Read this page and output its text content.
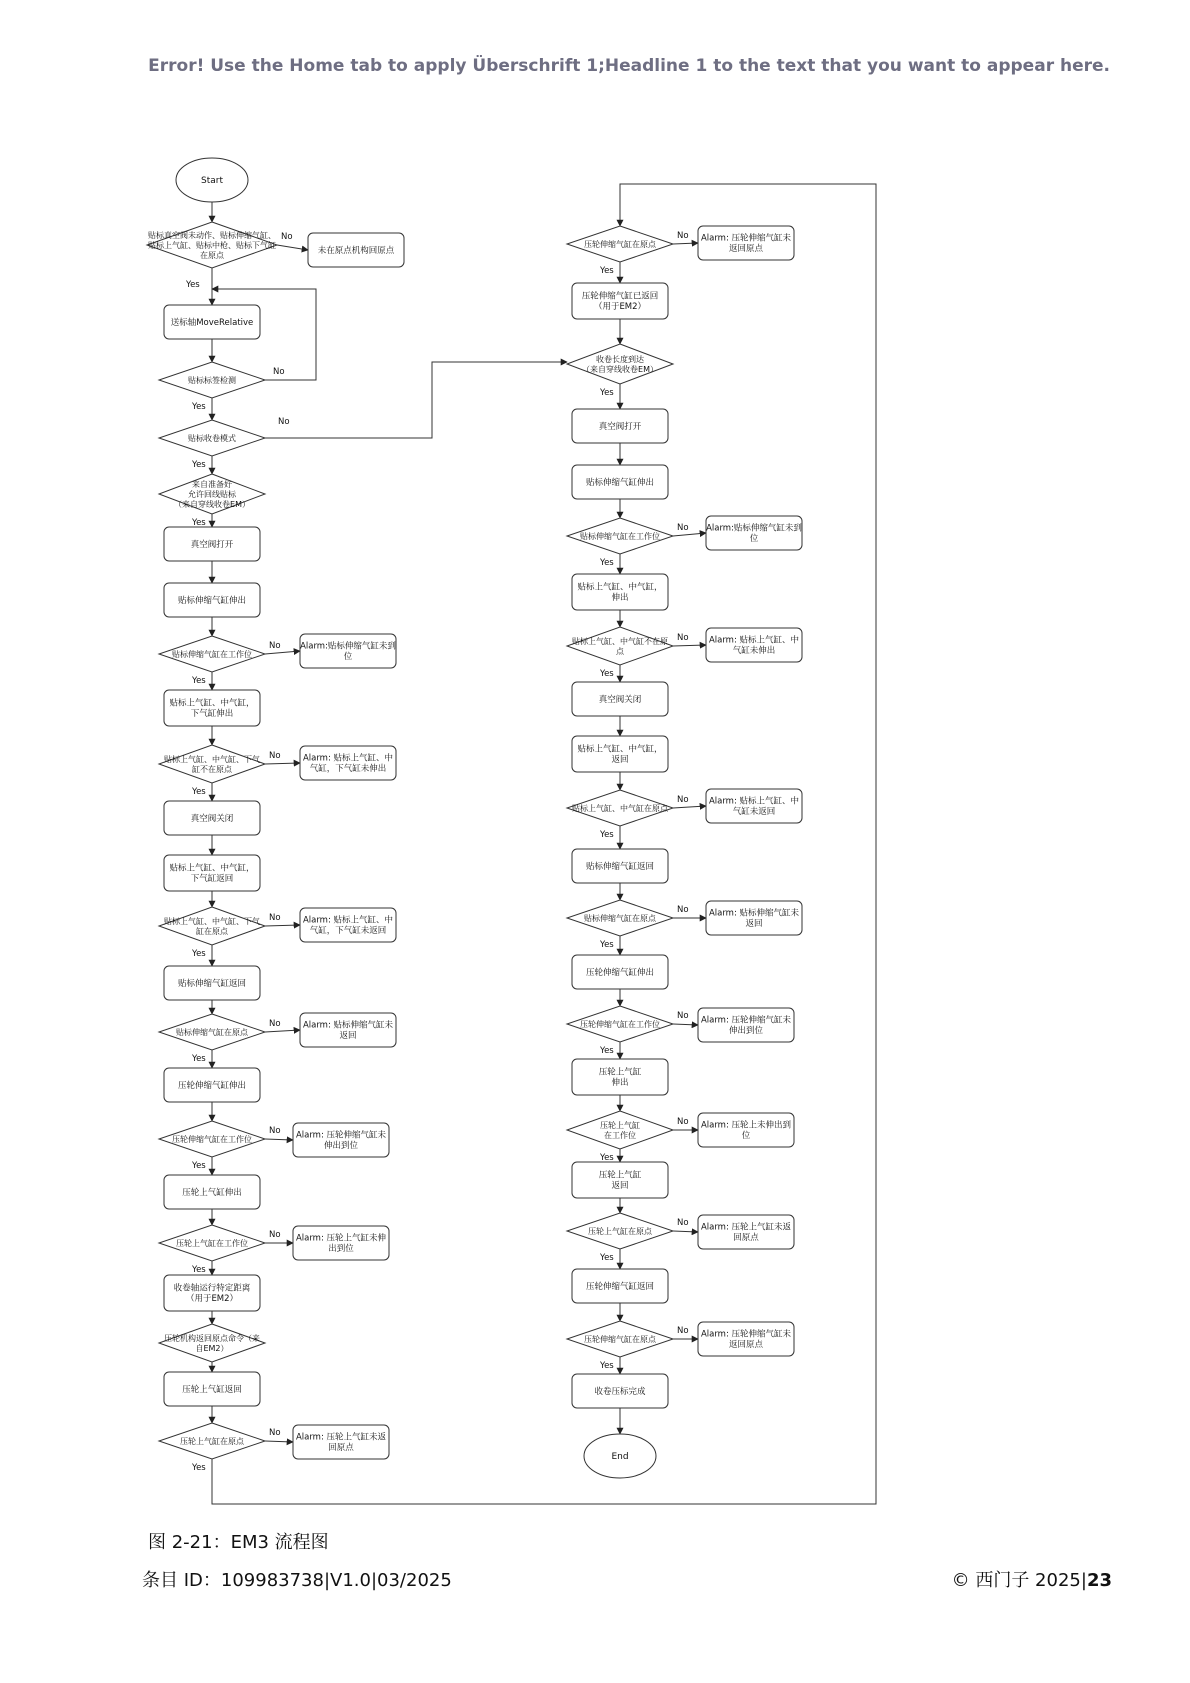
Error! Use the Home tab to apply Überschrift 1;Headline 1 to the text that you want to appear here.
Start
贴标真空阀未动作、贴标伸缩气缸、贴标上气缸、贴标中枪、贴标下气缸在原点	未在原点机构回原点
送标轴MoveRelative
贴标标签检测
贴标收卷模式
来自准备好允许回线贴标（来自穿线收卷EM）
真空阀打开
贴标伸缩气缸伸出
贴标伸缩气缸在工作位
Alarm:贴标伸缩气缸未到位
贴标上气缸、中气缸，下气缸伸出
贴标上气缸、中气缸、下气缸不在原点
Alarm: 贴标上气缸、中气缸，下气缸未伸出
真空阀关闭
贴标上气缸、中气缸，下气缸返回
贴标上气缸、中气缸、下气缸在原点
Alarm: 贴标上气缸、中气缸，下气缸未返回
贴标伸缩气缸返回
贴标伸缩气缸在原点
Alarm: 贴标伸缩气缸未返回
压轮伸缩气缸伸出
压轮伸缩气缸在工作位	Alarm: 压轮伸缩气缸未伸出到位
压轮上气缸伸出
压轮上气缸在工作位	Alarm: 压轮上气缸未伸出到位
收卷轴运行特定距离（用于EM2）
压轮机构返回原点命令（来自EM2）
压轮上气缸返回
压轮上气缸在原点	Alarm: 压轮上气缸未返回原点
压轮伸缩气缸在原点
Alarm: 压轮伸缩气缸未返回原点
压轮伸缩气缸已返回（用于EM2）
收卷长度到达（来自穿线收卷EM）
真空阀打开
贴标伸缩气缸伸出
贴标伸缩气缸在工作位
Alarm:贴标伸缩气缸未到位
贴标上气缸、中气缸，伸出
贴标上气缸、中气缸不在原点
Alarm: 贴标上气缸、中气缸未伸出
真空阀关闭
贴标上气缸、中气缸，返回
贴标上气缸、中气缸在原点
Alarm: 贴标上气缸、中气缸未返回
贴标伸缩气缸返回
贴标伸缩气缸在原点	Alarm: 贴标伸缩气缸未返回
压轮伸缩气缸伸出
压轮伸缩气缸在工作位	Alarm: 压轮伸缩气缸未伸出到位
压轮上气缸伸出
压轮上气缸在工作位
Alarm: 压轮上未伸出到位
压轮上气缸返回
压轮上气缸在原点	Alarm: 压轮上气缸未返回原点
压轮伸缩气缸返回
压轮伸缩气缸在原点	Alarm: 压轮伸缩气缸未返回原点
收卷压标完成
End
No
Yes
No
Yes
No
Yes
Yes
No
Yes
No
Yes
No
Yes
No
Yes
No
Yes
No
Yes
No
Yes
No
Yes
Yes
No
Yes
No
Yes
No
Yes
No
Yes
No
Yes
No
Yes
No
Yes
No
Yes
图 2-21：EM3 流程图
条目 ID：109983738|V1.0|03/2025	© 西门子 2025|23
